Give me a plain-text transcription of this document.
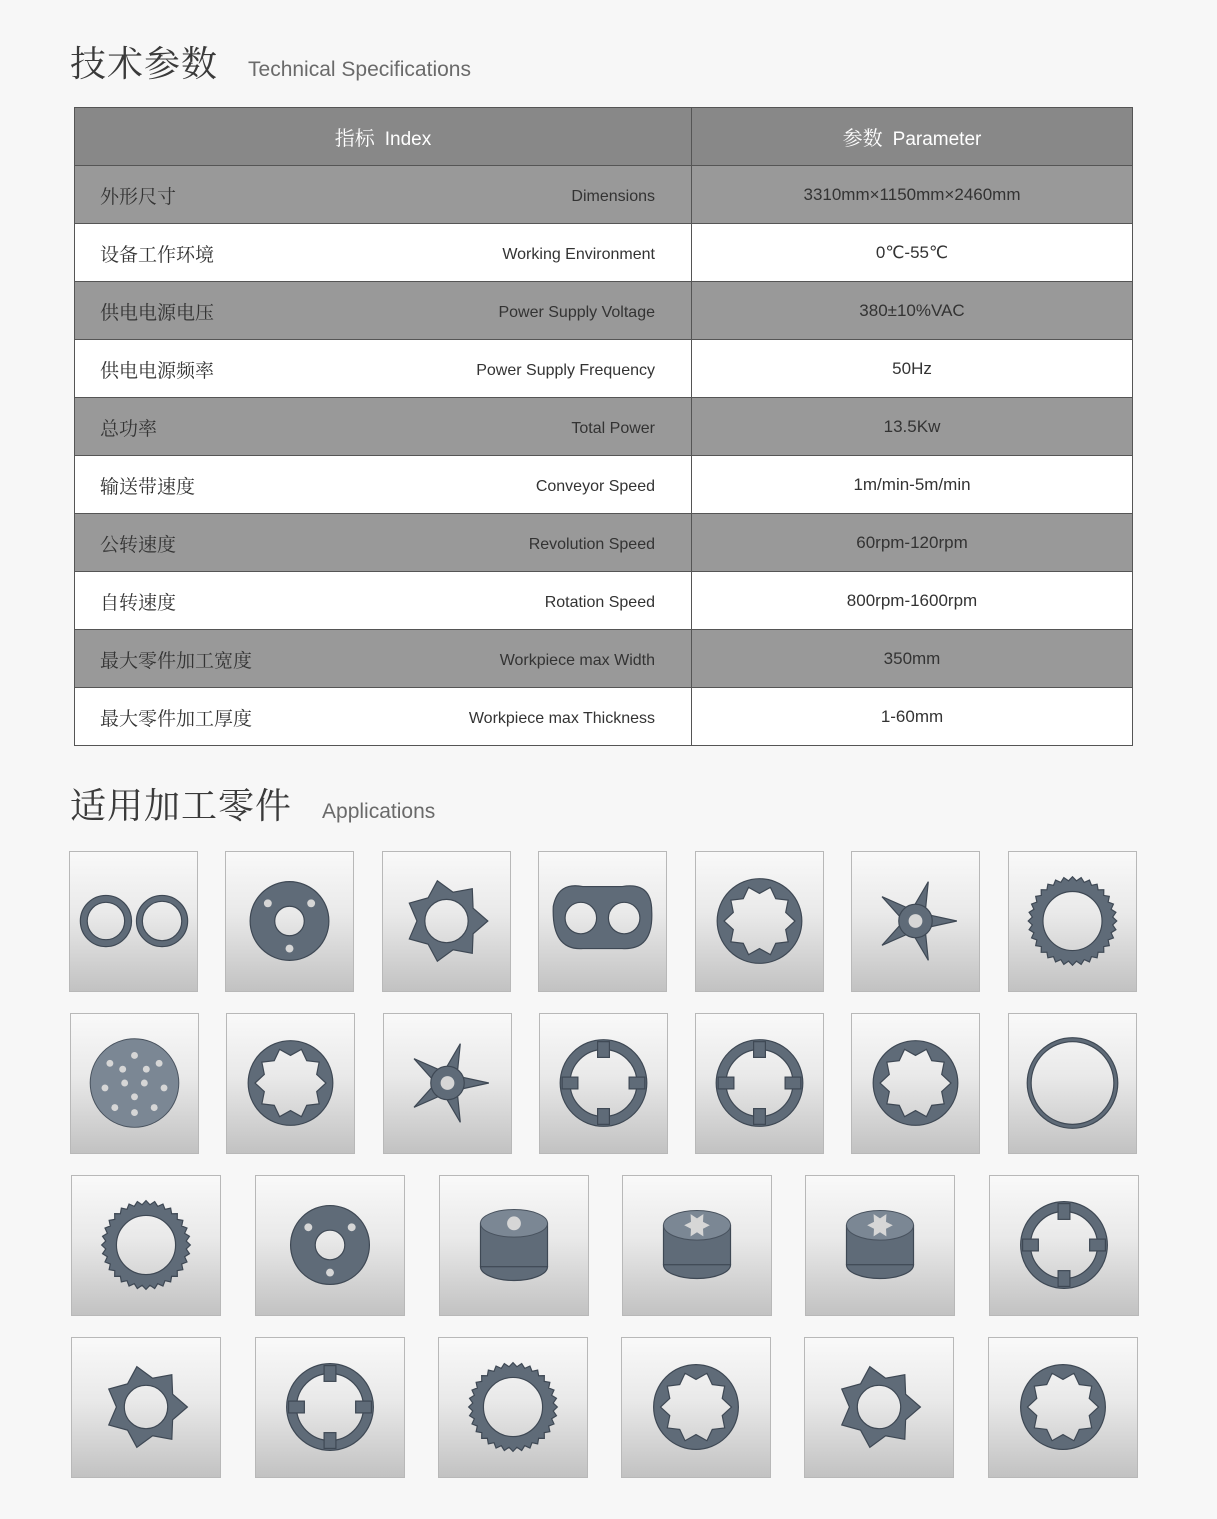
技术参数 Technical Specifications
指标 Index	参数 Parameter

外形尺寸 Dimensions	3310mm×1150mm×2460mm

设备工作环境 Working Environment	0℃-55℃

供电电源电压 Power Supply Voltage	380±10%VAC

供电电源频率 Power Supply Frequency	50Hz

总功率 Total Power	13.5Kw

输送带速度 Conveyor Speed	1m/min-5m/min

公转速度 Revolution Speed	60rpm-120rpm

自转速度 Rotation Speed	800rpm-1600rpm

最大零件加工宽度 Workpiece max Width	350mm

最大零件加工厚度 Workpiece max Thickness	1-60mm
适用加工零件 Applications
